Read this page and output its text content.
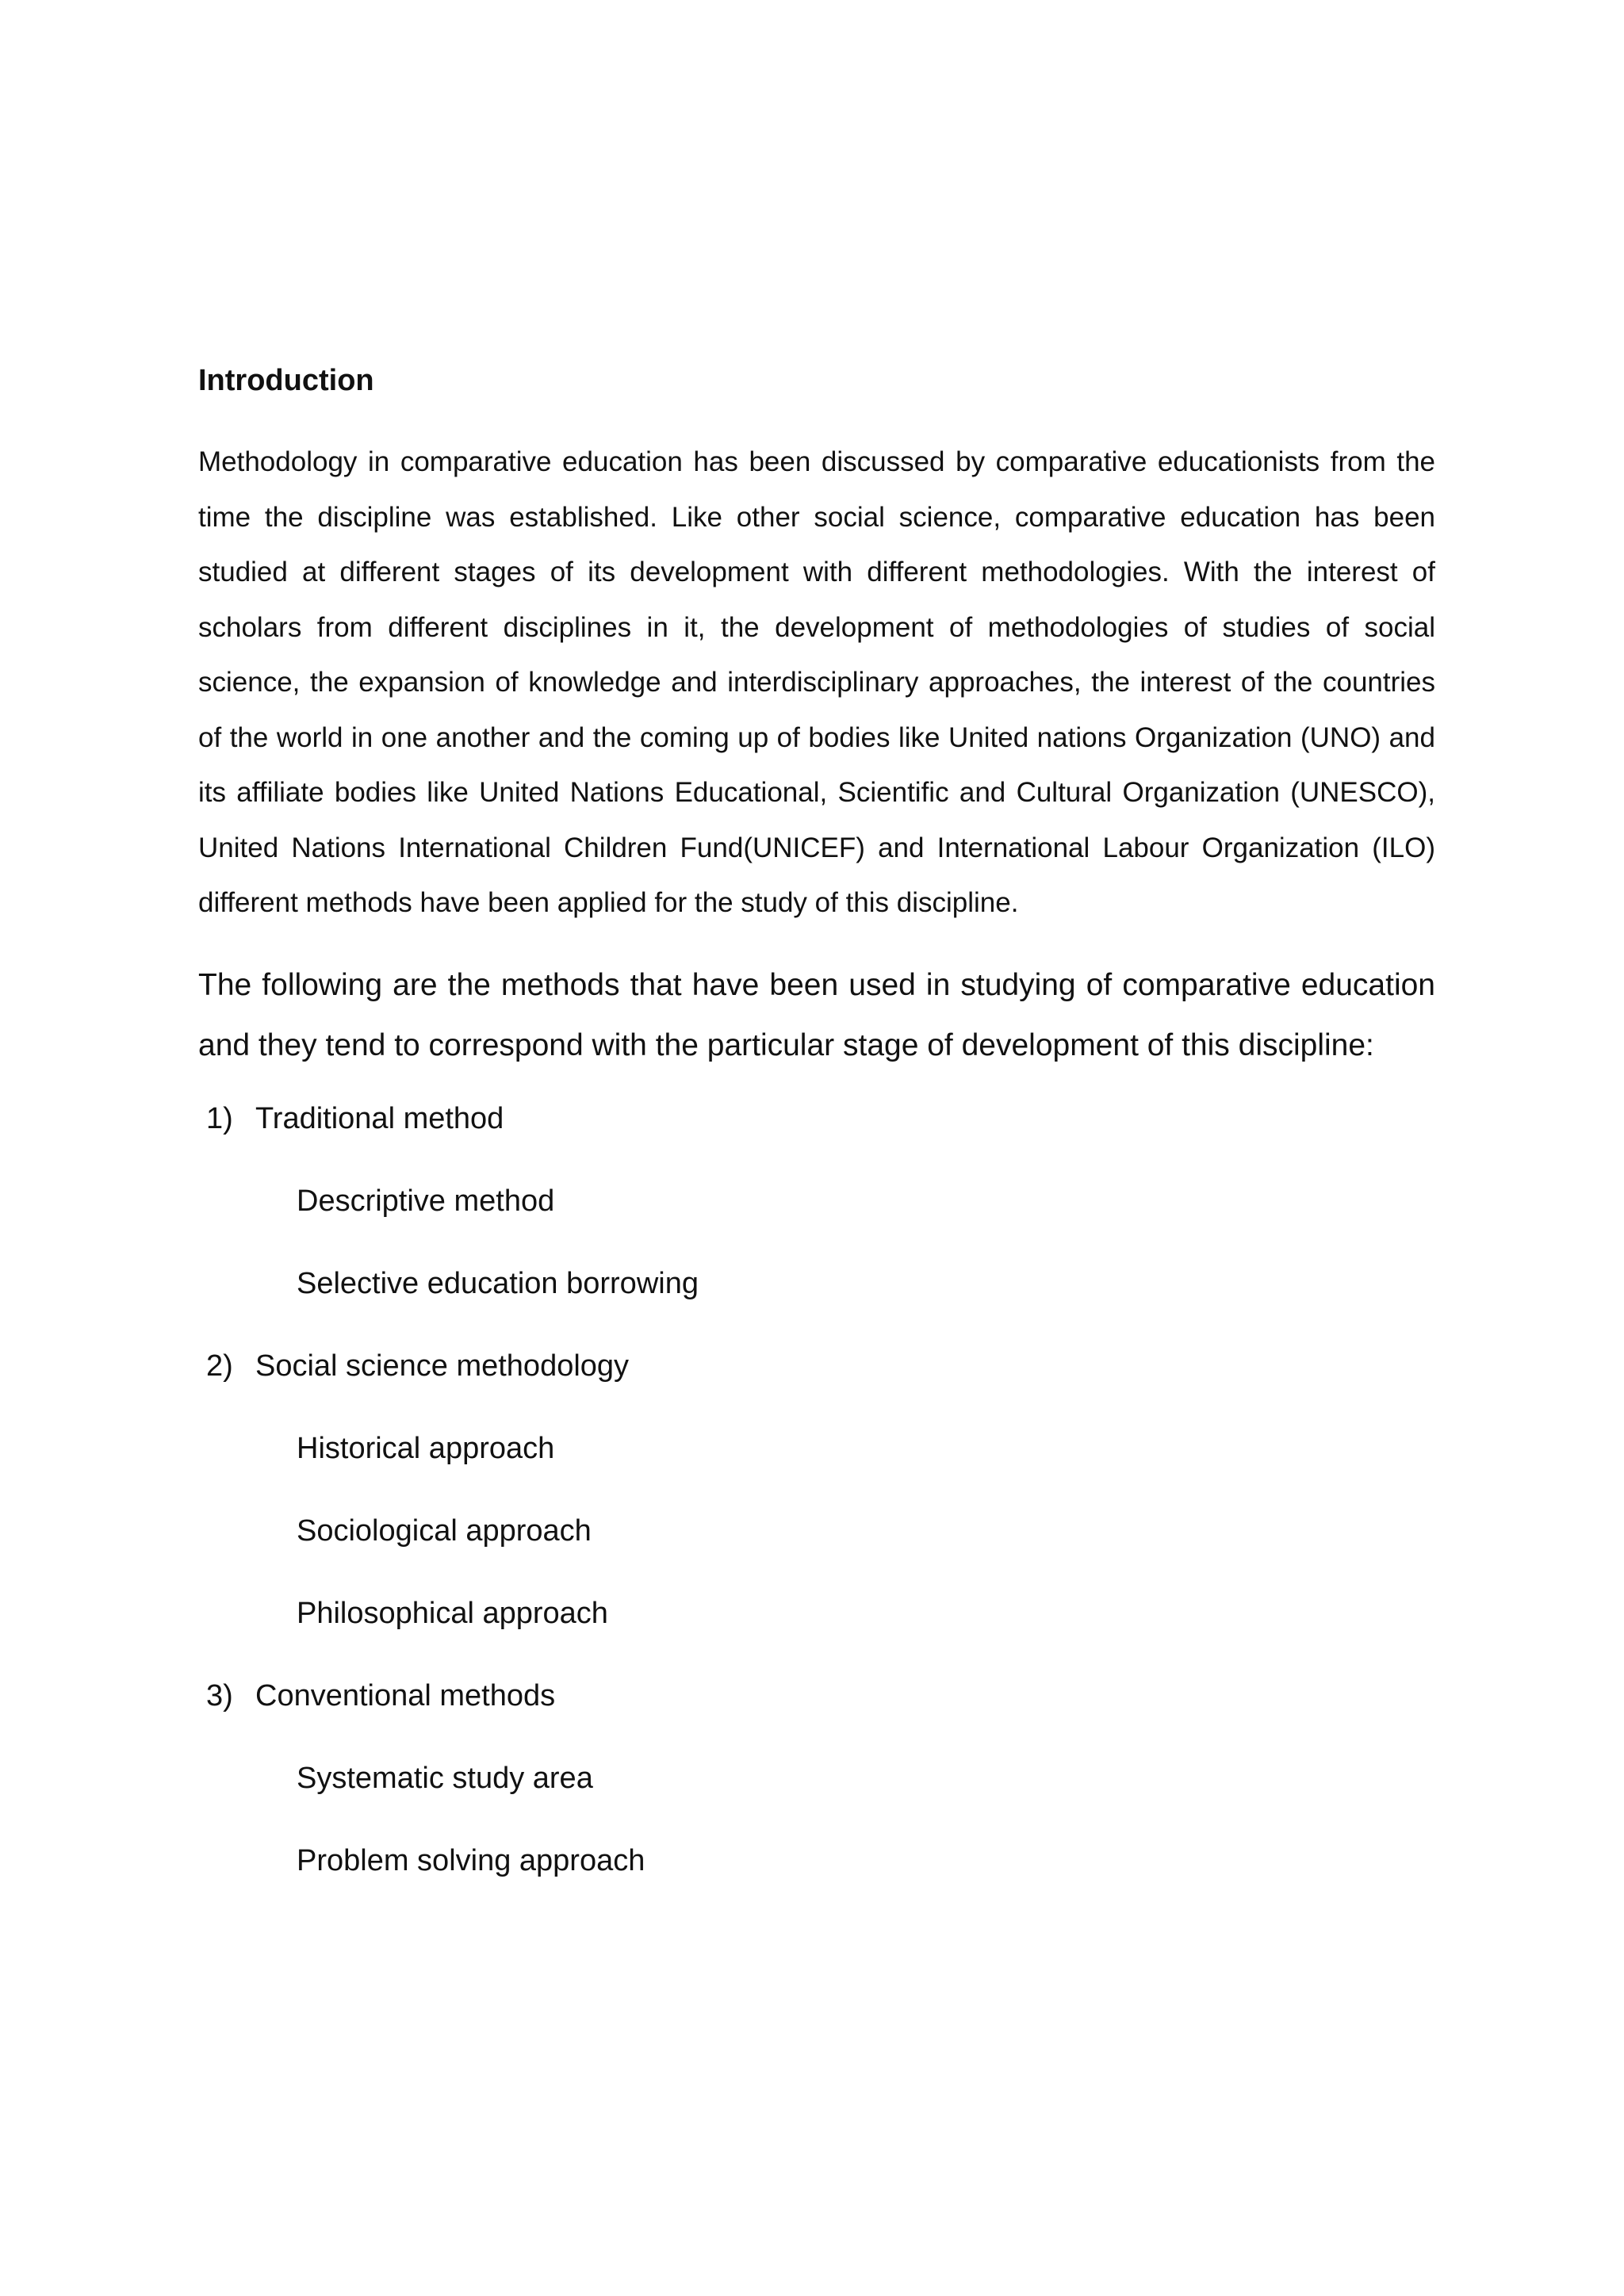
Introduction

Methodology in comparative education has been discussed by comparative educationists from the time the discipline was established. Like other social science, comparative education has been studied at different stages of its development with different methodologies. With the interest of scholars from different disciplines in it, the development of methodologies of studies of social science, the expansion of knowledge and interdisciplinary approaches, the interest of the countries of the world in one another and the coming up of bodies like United nations Organization (UNO) and its affiliate bodies like United Nations Educational, Scientific and Cultural Organization (UNESCO), United Nations International Children Fund(UNICEF) and International Labour Organization (ILO) different methods have been applied for the study of this discipline.

The following are the methods that have been used in studying of comparative education and they tend to correspond with the particular stage of development of this discipline:

1) Traditional method
Descriptive method
Selective education borrowing
2) Social science methodology
Historical approach
Sociological approach
Philosophical approach
3) Conventional methods
Systematic study area
Problem solving approach
